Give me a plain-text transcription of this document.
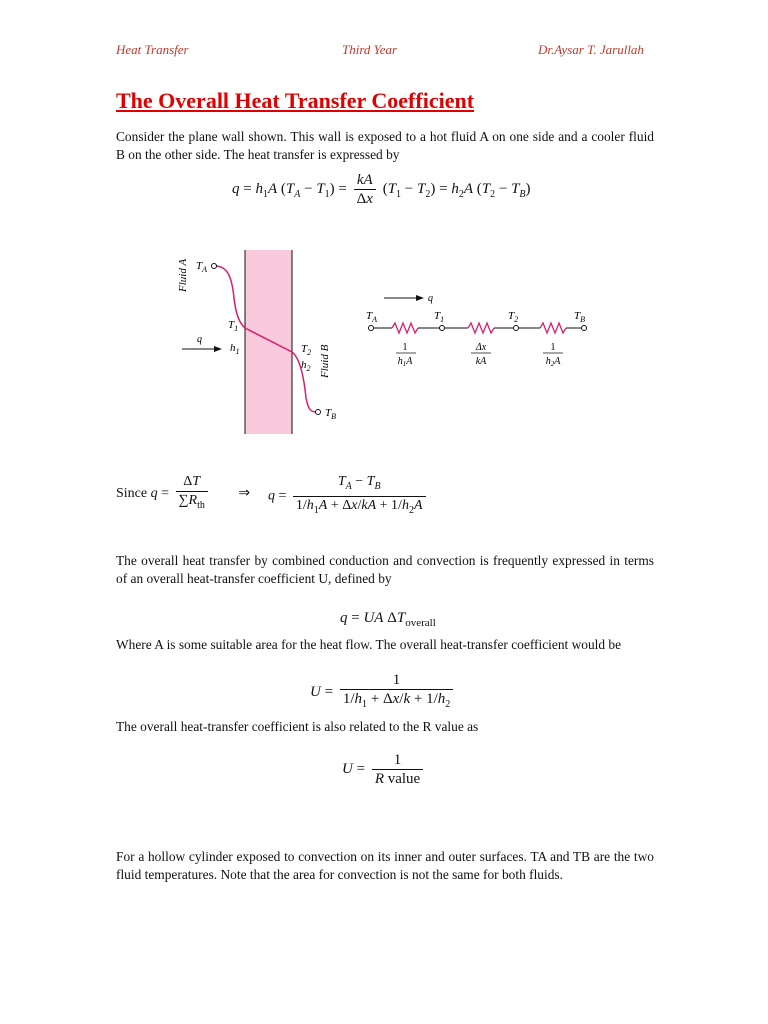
Heat Transfer	Third Year	Dr.Aysar T. Jarullah
The Overall Heat Transfer Coefficient

Consider the plane wall shown. This wall is exposed to a hot fluid A on one side and a cooler fluid B on the other side. The heat transfer is expressed by

$q = h_1A$ $(T_A - T_1) = \frac{kA}{\Delta x} (T_1 - T_2) = h_2A$ $(T_2 - T_B)$
Fluid A
Fluid B
$T_A$
$T_1$
$h_1$
q
$T_2$
$h_2$
$T_B$
q
$T_A$	$T_1$	$T_2$	$T_B$
1
$h_1A$
Δx
kA
1
$h_2A$
Since $q = \frac{\Delta T}{\sum R_{th}}$ ⇒ $q = \frac{T_A - T_B}{1/h_1A + \Delta x/kA + 1/h_2A}$

The overall heat transfer by combined conduction and convection is frequently expressed in terms of an overall heat-transfer coefficient U, defined by

q = UA $\Delta T_{overall}$

Where A is some suitable area for the heat flow. The overall heat-transfer coefficient would be

$U = \frac{1}{1/h_1 + \Delta x/k + 1/h_2}$

The overall heat-transfer coefficient is also related to the R value as

$U = \frac{1}{\text{R value}}$

For a hollow cylinder exposed to convection on its inner and outer surfaces. TA and TB are the two fluid temperatures. Note that the area for convection is not the same for both fluids.
